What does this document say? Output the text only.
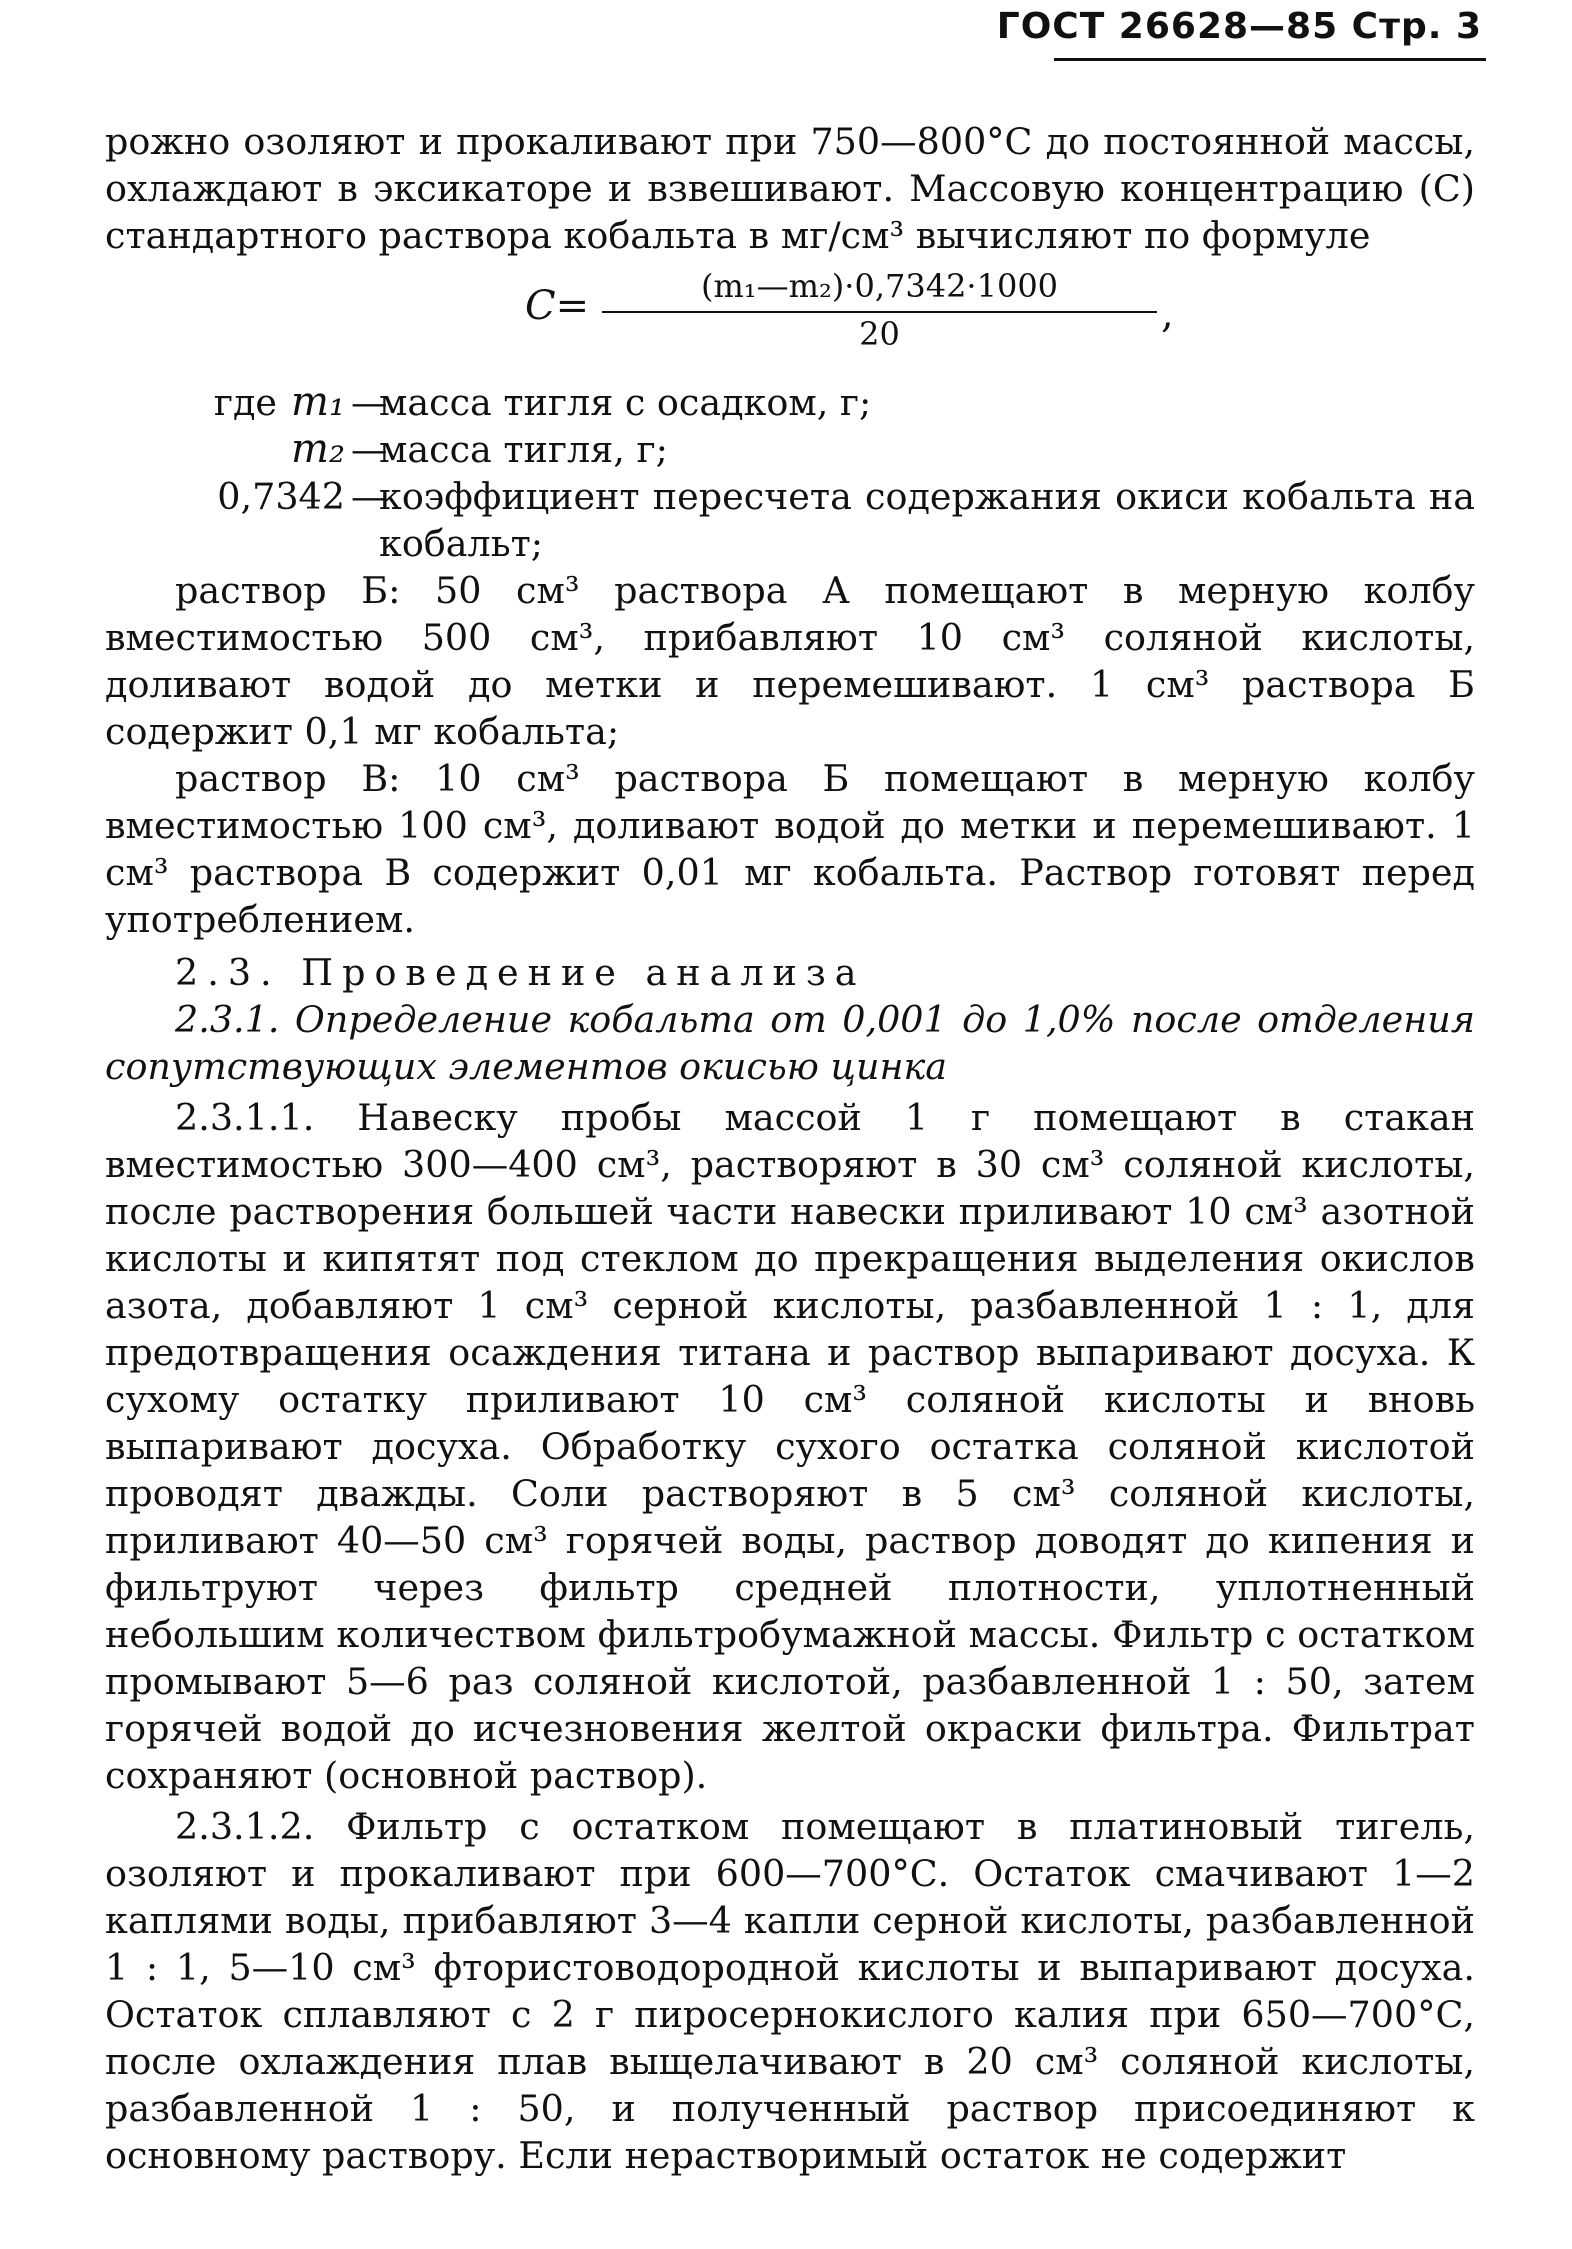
ГОСТ 26628—85 Стр. 3

рожно озоляют и прокаливают при 750—800°С до постоянной массы, охлаждают в эксикаторе и взвешивают. Массовую концентрацию (С) стандартного раствора кобальта в мг/см³ вычисляют по формуле

$C= \frac{\text{(m₁—m₂)·0,7342·1000}}{20}$ ,
где m₁ —
масса тигля с осадком, г;
m₂ —
масса тигля, г;
0,7342 —
коэффициент пересчета содержания окиси кобальта на кобальт;

раствор Б: 50 см³ раствора А помещают в мерную колбу вместимостью 500 см³, прибавляют 10 см³ соляной кислоты, доливают водой до метки и перемешивают. 1 см³ раствора Б содержит 0,1 мг кобальта;

раствор В: 10 см³ раствора Б помещают в мерную колбу вместимостью 100 см³, доливают водой до метки и перемешивают. 1 см³ раствора В содержит 0,01 мг кобальта. Раствор готовят перед употреблением.

2.3. Проведение анализа

2.3.1. Определение кобальта от 0,001 до 1,0% после отделения сопутствующих элементов окисью цинка

2.3.1.1. Навеску пробы массой 1 г помещают в стакан вместимостью 300—400 см³, растворяют в 30 см³ соляной кислоты, после растворения большей части навески приливают 10 см³ азотной кислоты и кипятят под стеклом до прекращения выделения окислов азота, добавляют 1 см³ серной кислоты, разбавленной 1 : 1, для предотвращения осаждения титана и раствор выпаривают досуха. К сухому остатку приливают 10 см³ соляной кислоты и вновь выпаривают досуха. Обработку сухого остатка соляной кислотой проводят дважды. Соли растворяют в 5 см³ соляной кислоты, приливают 40—50 см³ горячей воды, раствор доводят до кипения и фильтруют через фильтр средней плотности, уплотненный небольшим количеством фильтробумажной массы. Фильтр с остатком промывают 5—6 раз соляной кислотой, разбавленной 1 : 50, затем горячей водой до исчезновения желтой окраски фильтра. Фильтрат сохраняют (основной раствор).

2.3.1.2. Фильтр с остатком помещают в платиновый тигель, озоляют и прокаливают при 600—700°С. Остаток смачивают 1—2 каплями воды, прибавляют 3—4 капли серной кислоты, разбавленной 1 : 1, 5—10 см³ фтористоводородной кислоты и выпаривают досуха. Остаток сплавляют с 2 г пиросернокислого калия при 650—700°С, после охлаждения плав выщелачивают в 20 см³ соляной кислоты, разбавленной 1 : 50, и полученный раствор присоединяют к основному раствору. Если нерастворимый остаток не содержит
